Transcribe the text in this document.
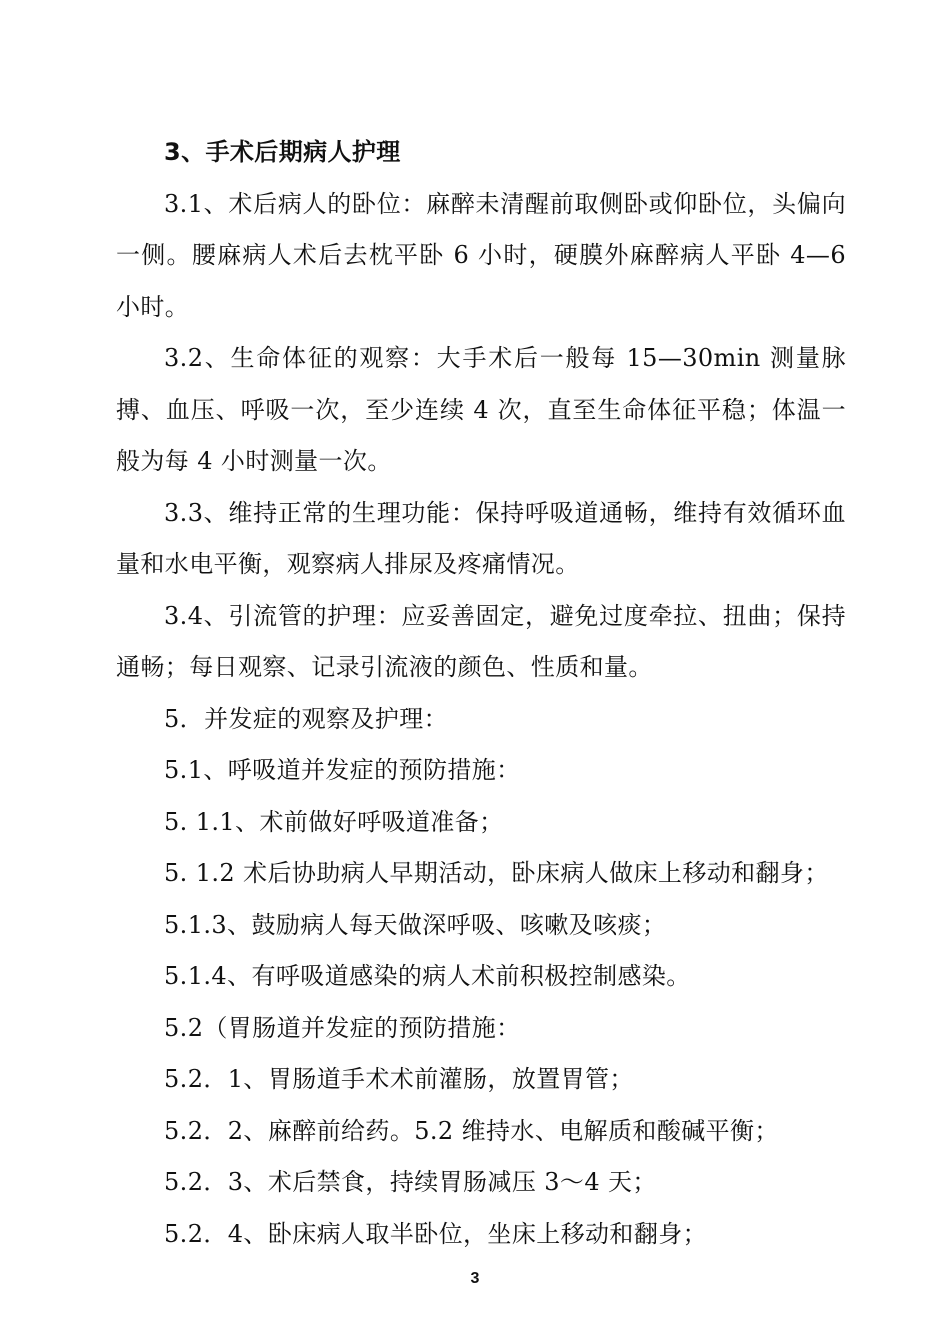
3、手术后期病人护理

3.1、术后病人的卧位：麻醉未清醒前取侧卧或仰卧位，头偏向一侧。腰麻病人术后去枕平卧 6 小时，硬膜外麻醉病人平卧 4—6 小时。

3.2、生命体征的观察：大手术后一般每 15—30min 测量脉搏、血压、呼吸一次，至少连续 4 次，直至生命体征平稳；体温一般为每 4 小时测量一次。

3.3、维持正常的生理功能：保持呼吸道通畅，维持有效循环血量和水电平衡，观察病人排尿及疼痛情况。

3.4、引流管的护理：应妥善固定，避免过度牵拉、扭曲；保持通畅；每日观察、记录引流液的颜色、性质和量。

5．并发症的观察及护理：

5.1、呼吸道并发症的预防措施：

5. 1.1、术前做好呼吸道准备；

5. 1.2 术后协助病人早期活动，卧床病人做床上移动和翻身；

5.1.3、鼓励病人每天做深呼吸、咳嗽及咳痰；

5.1.4、有呼吸道感染的病人术前积极控制感染。

5.2（胃肠道并发症的预防措施：

5.2．1、胃肠道手术术前灌肠，放置胃管；

5.2．2、麻醉前给药。5.2 维持水、电解质和酸碱平衡；

5.2．3、术后禁食，持续胃肠减压 3～4 天；

5.2．4、卧床病人取半卧位，坐床上移动和翻身；

3
